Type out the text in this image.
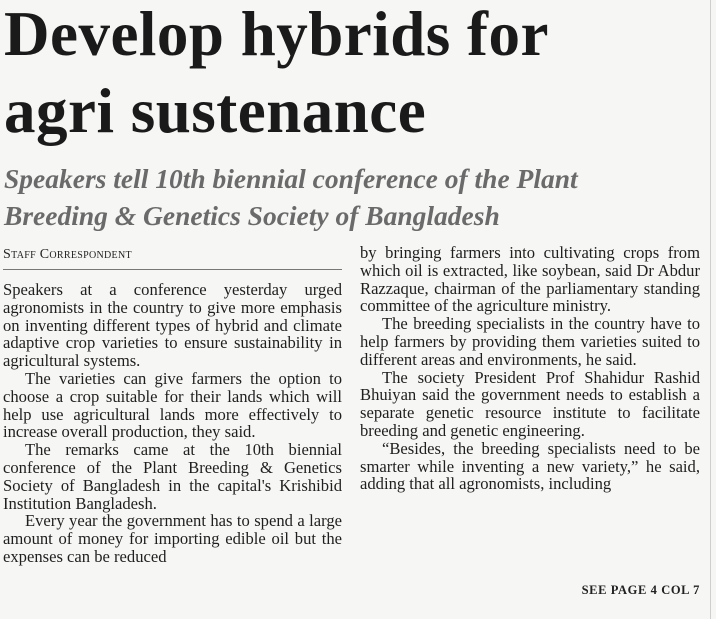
Develop hybrids for
agri sustenance
Speakers tell 10th biennial conference of the Plant
Breeding & Genetics Society of Bangladesh
Staff Correspondent

Speakers at a conference yesterday urged agronomists in the country to give more emphasis on inventing different types of hybrid and climate adaptive crop varieties to ensure sustainability in agricultural systems.

The varieties can give farmers the option to choose a crop suitable for their lands which will help use agricultural lands more effectively to increase overall production, they said.

The remarks came at the 10th biennial conference of the Plant Breeding & Genetics Society of Bangladesh in the capital's Krishibid Institution Bangladesh.

Every year the government has to spend a large amount of money for importing edible oil but the expenses can be reduced

by bringing farmers into cultivating crops from which oil is extracted, like soybean, said Dr Abdur Razzaque, chairman of the parliamentary standing committee of the agriculture ministry.

The breeding specialists in the country have to help farmers by providing them varieties suited to different areas and environments, he said.

The society President Prof Shahidur Rashid Bhuiyan said the government needs to establish a separate genetic resource institute to facilitate breeding and genetic engineering.

“Besides, the breeding specialists need to be smarter while inventing a new variety,” he said, adding that all agronomists, including

SEE PAGE 4 COL 7
